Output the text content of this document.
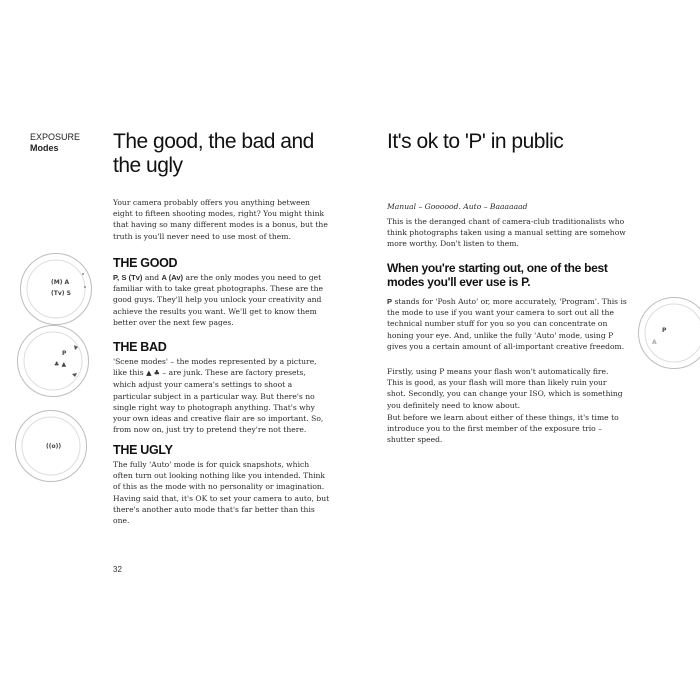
EXPOSURE
Modes	The good, the bad and the ugly

Your camera probably offers you anything between eight to fifteen shooting modes, right? You might think that having so many different modes is a bonus, but the truth is you'll never need to use most of them.

THE GOOD

P, S (Tv) and A (Av) are the only modes you need to get familiar with to take great photographs. These are the good guys. They'll help you unlock your creativity and achieve the results you want. We'll get to know them better over the next few pages.

THE BAD

'Scene modes' – the modes represented by a picture, like this ▲ ♣ – are junk. These are factory presets, which adjust your camera's settings to shoot a particular subject in a particular way. But there's no single right way to photograph anything. That's why your own ideas and creative flair are so important. So, from now on, just try to pretend they're not there.

THE UGLY

The fully 'Auto' mode is for quick snapshots, which often turn out looking nothing like you intended. Think of this as the mode with no personality or imagination. Having said that, it's OK to set your camera to auto, but there's another auto mode that's far better than this one.

32
(M) A
(Tv) S
P
♣ ▲
((o))
It's ok to 'P' in public

Manual – Goooood. Auto – Baaaaaad

This is the deranged chant of camera-club traditionalists who think photographs taken using a manual setting are somehow more worthy. Don't listen to them.

When you're starting out, one of the best modes you'll ever use is P.

P stands for 'Posh Auto' or, more accurately, 'Program'. This is the mode to use if you want your camera to sort out all the technical number stuff for you so you can concentrate on honing your eye. And, unlike the fully 'Auto' mode, using P gives you a certain amount of all-important creative freedom.

Firstly, using P means your flash won't automatically fire. This is good, as your flash will more than likely ruin your shot. Secondly, you can change your ISO, which is something you definitely need to know about.

But before we learn about either of these things, it's time to introduce you to the first member of the exposure trio – shutter speed.

P
A
